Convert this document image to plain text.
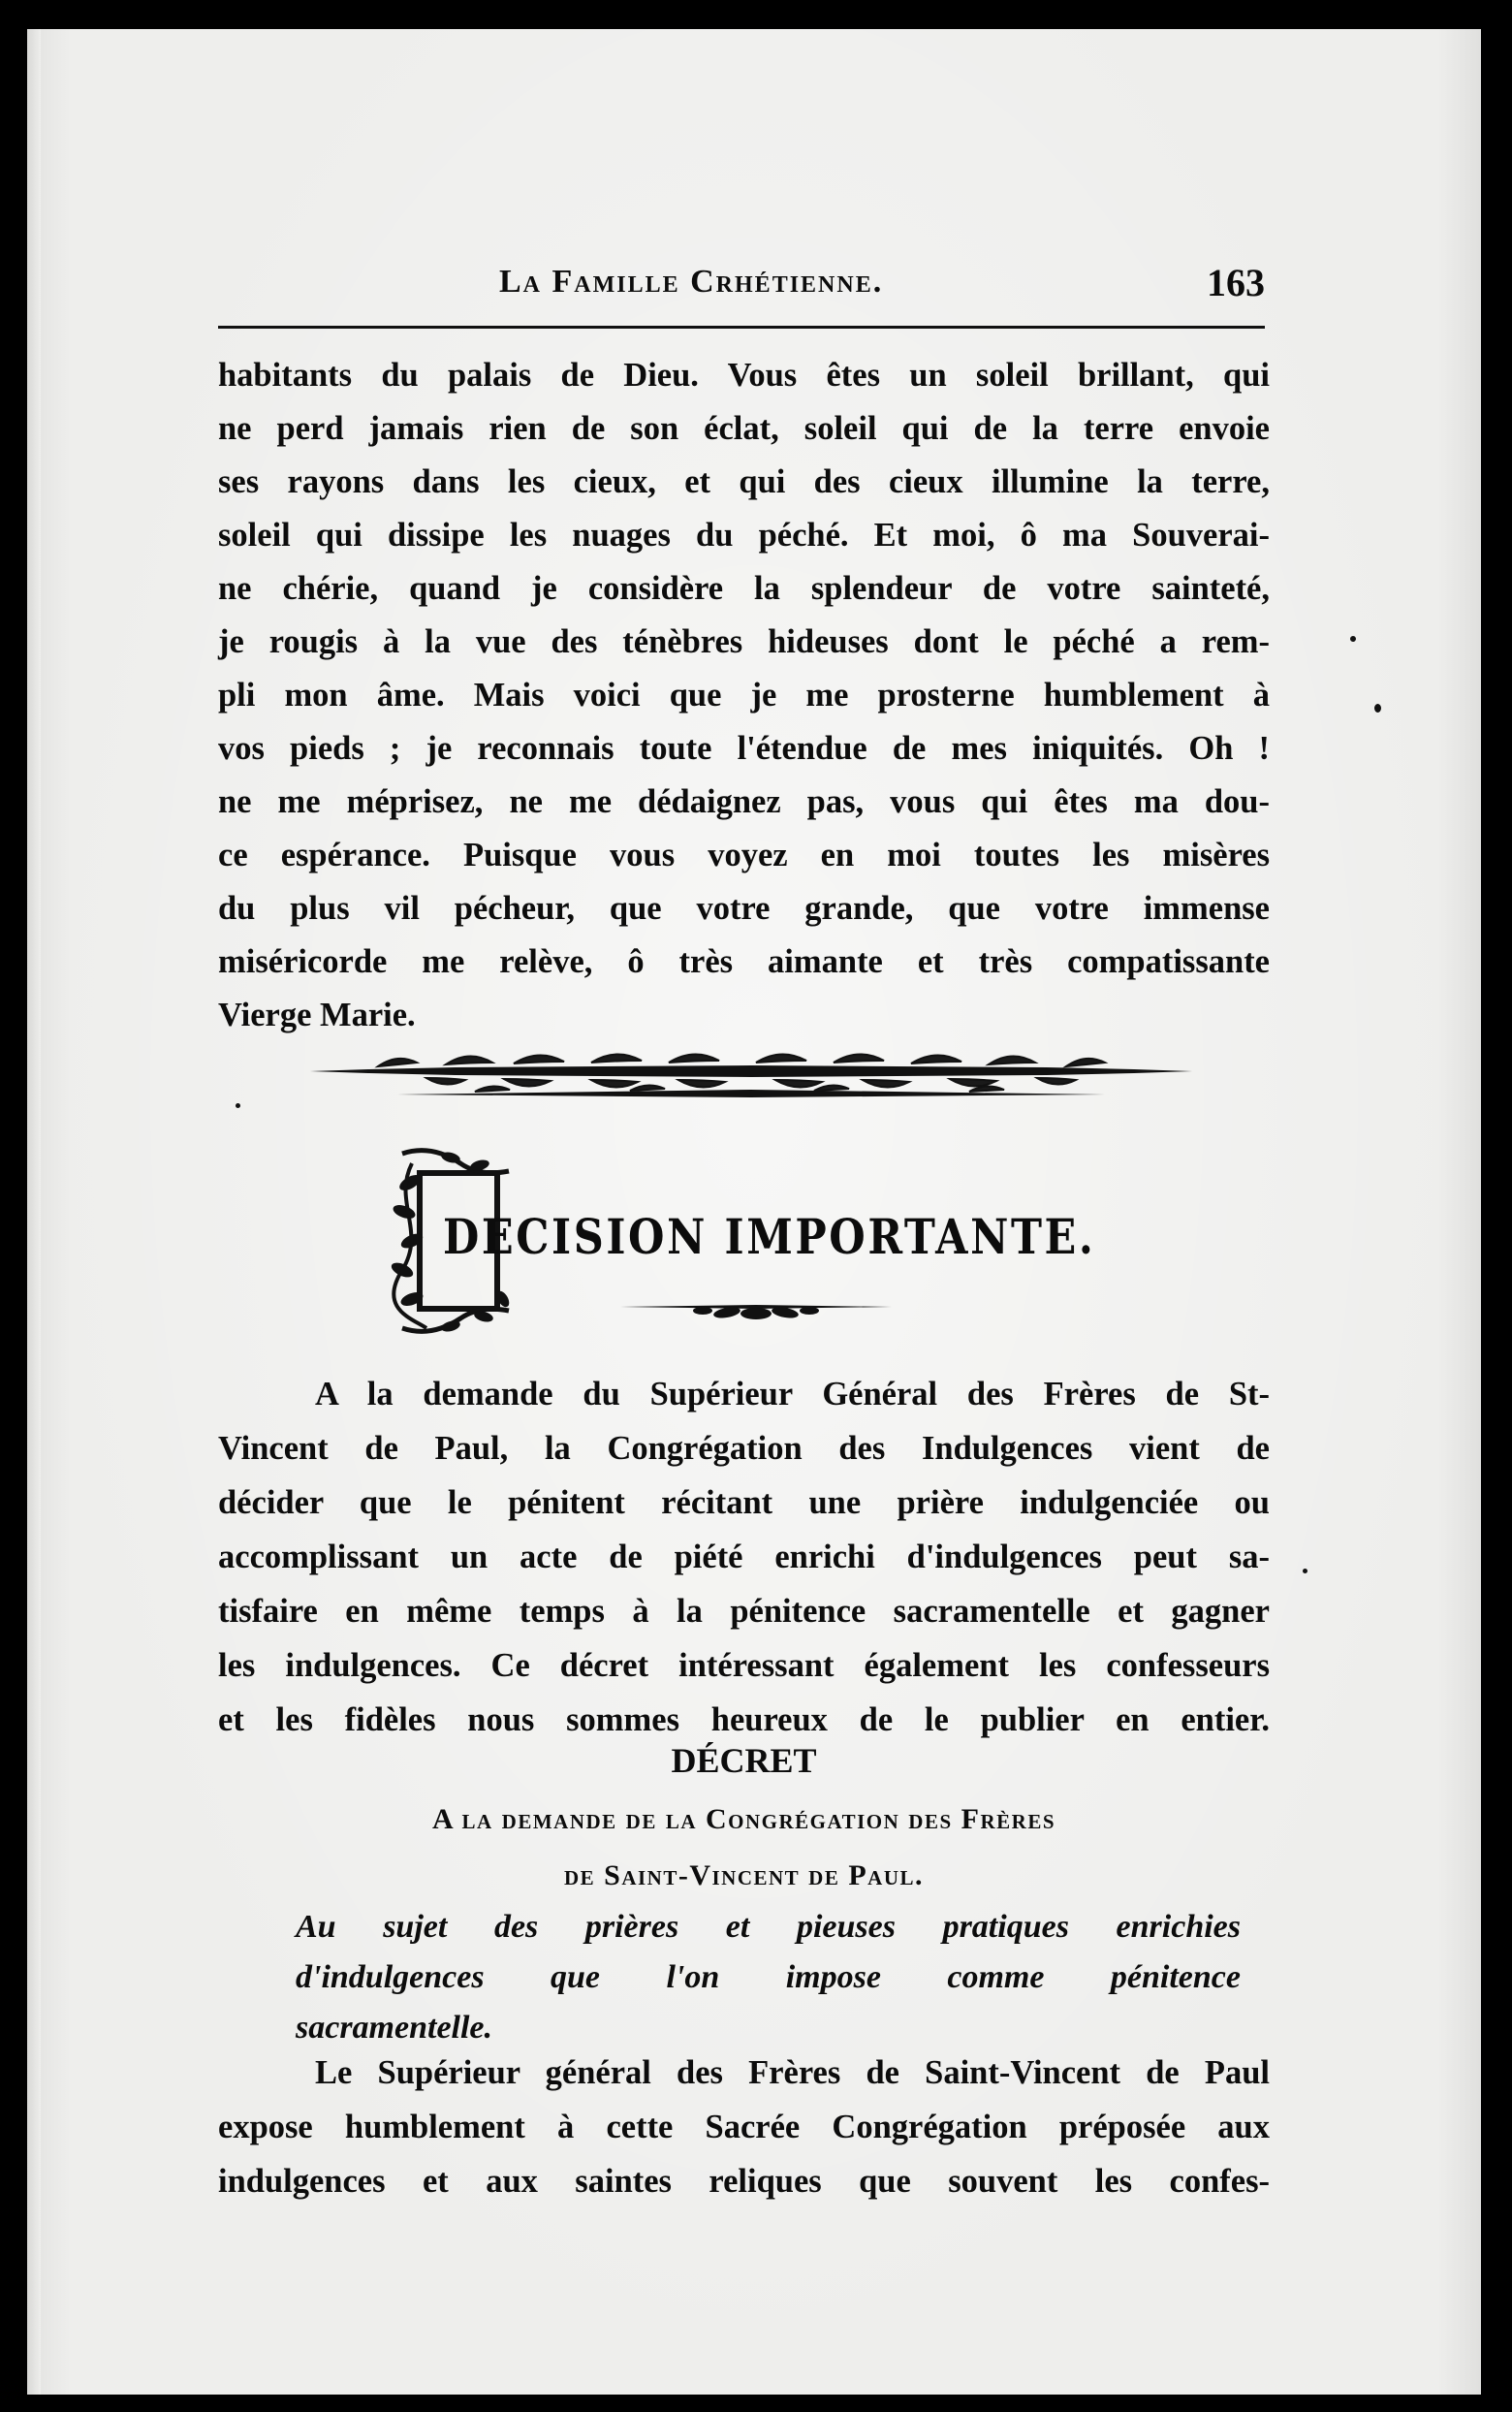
La Famille Crhétienne.	163
habitants du palais de Dieu. Vous êtes un soleil brillant, qui
ne perd jamais rien de son éclat, soleil qui de la terre envoie
ses rayons dans les cieux, et qui des cieux illumine la terre,
soleil qui dissipe les nuages du péché. Et moi, ô ma Souverai-
ne chérie, quand je considère la splendeur de votre sainteté,
je rougis à la vue des ténèbres hideuses dont le péché a rem-
pli mon âme. Mais voici que je me prosterne humblement à
vos pieds ; je reconnais toute l'étendue de mes iniquités. Oh !
ne me méprisez, ne me dédaignez pas, vous qui êtes ma dou-
ce espérance. Puisque vous voyez en moi toutes les misères
du plus vil pécheur, que votre grande, que votre immense
miséricorde me relève, ô très aimante et très compatissante
Vierge Marie.
DECISION IMPORTANTE.
A la demande du Supérieur Général des Frères de St-
Vincent de Paul, la Congrégation des Indulgences vient de
décider que le pénitent récitant une prière indulgenciée ou
accomplissant un acte de piété enrichi d'indulgences peut sa-
tisfaire en même temps à la pénitence sacramentelle et gagner
les indulgences. Ce décret intéressant également les confesseurs
et les fidèles nous sommes heureux de le publier en entier.
DÉCRET
A la demande de la Congrégation des Frères
de Saint-Vincent de Paul.
Au sujet des prières et pieuses pratiques enrichies
d'indulgences que l'on impose comme pénitence
sacramentelle.
Le Supérieur général des Frères de Saint-Vincent de Paul
expose humblement à cette Sacrée Congrégation préposée aux
indulgences et aux saintes reliques que souvent les confes-
